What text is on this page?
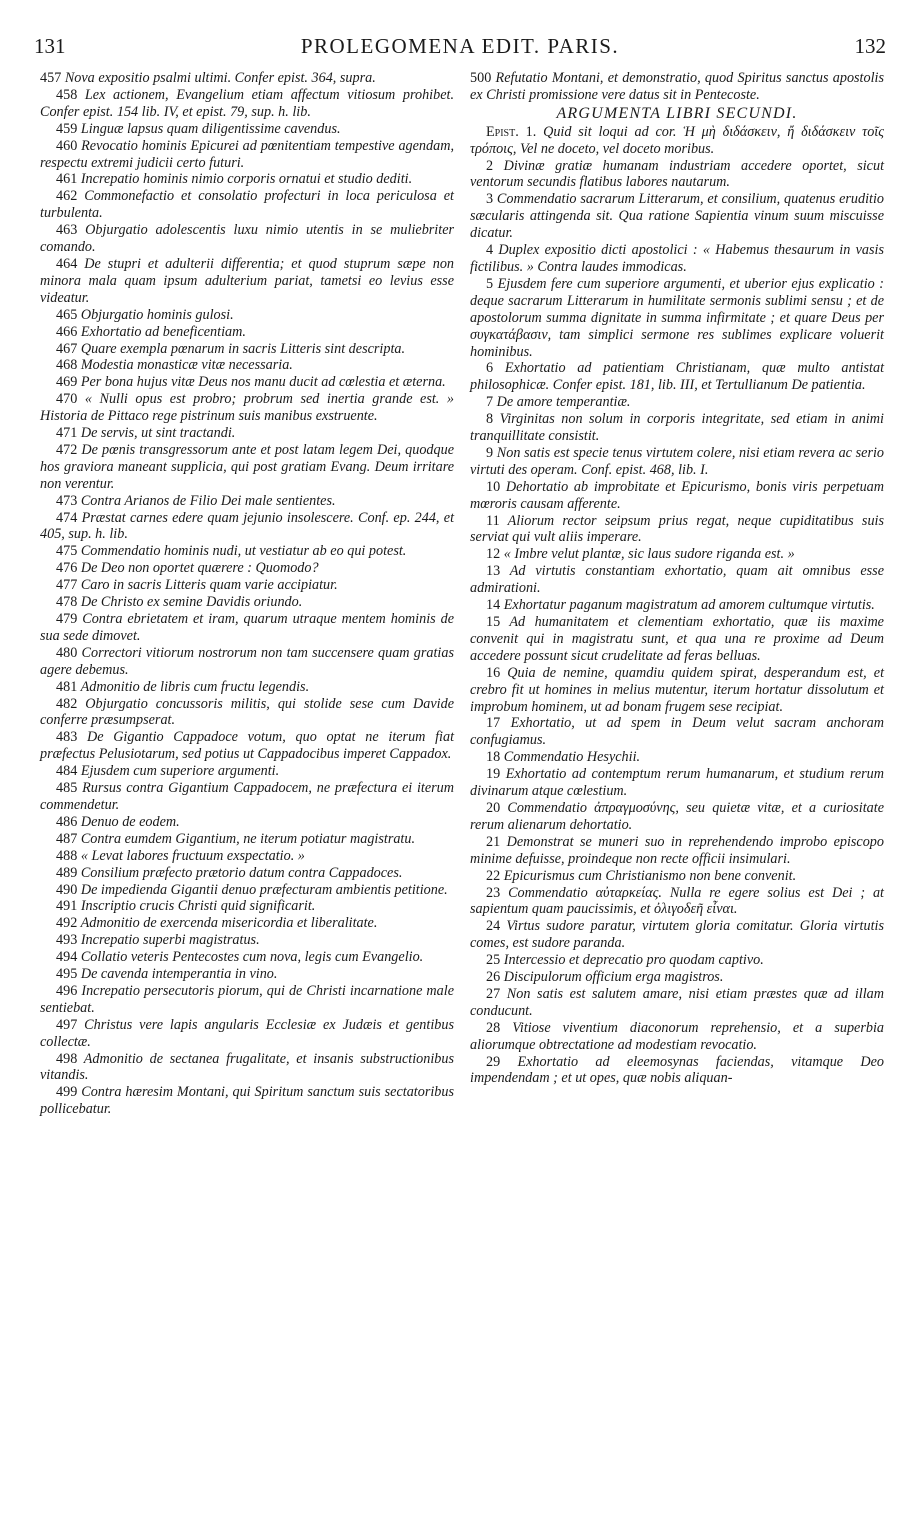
131	PROLEGOMENA EDIT. PARIS.	132

457 Nova expositio psalmi ultimi. Confer epist. 364, supra.

458 Lex actionem, Evangelium etiam affectum vitiosum prohibet. Confer epist. 154 lib. IV, et epist. 79, sup. h. lib.

459 Linguæ lapsus quam diligentissime cavendus.

460 Revocatio hominis Epicurei ad pœnitentiam tempestive agendam, respectu extremi judicii certo futuri.

461 Increpatio hominis nimio corporis ornatui et studio dediti.

462 Commonefactio et consolatio profecturi in loca periculosa et turbulenta.

463 Objurgatio adolescentis luxu nimio utentis in se muliebriter comando.

464 De stupri et adulterii differentia; et quod stuprum sæpe non minora mala quam ipsum adulterium pariat, tametsi eo levius esse videatur.

465 Objurgatio hominis gulosi.

466 Exhortatio ad beneficentiam.

467 Quare exempla pœnarum in sacris Litteris sint descripta.

468 Modestia monasticæ vitæ necessaria.

469 Per bona hujus vitæ Deus nos manu ducit ad cœlestia et æterna.

470 « Nulli opus est probro; probrum sed inertia grande est. » Historia de Pittaco rege pistrinum suis manibus exstruente.

471 De servis, ut sint tractandi.

472 De pœnis transgressorum ante et post latam legem Dei, quodque hos graviora maneant supplicia, qui post gratiam Evang. Deum irritare non verentur.

473 Contra Arianos de Filio Dei male sentientes.

474 Præstat carnes edere quam jejunio insolescere. Conf. ep. 244, et 405, sup. h. lib.

475 Commendatio hominis nudi, ut vestiatur ab eo qui potest.

476 De Deo non oportet quærere : Quomodo?

477 Caro in sacris Litteris quam varie accipiatur.

478 De Christo ex semine Davidis oriundo.

479 Contra ebrietatem et iram, quarum utraque mentem hominis de sua sede dimovet.

480 Correctori vitiorum nostrorum non tam succensere quam gratias agere debemus.

481 Admonitio de libris cum fructu legendis.

482 Objurgatio concussoris militis, qui stolide sese cum Davide conferre præsumpserat.

483 De Gigantio Cappadoce votum, quo optat ne iterum fiat præfectus Pelusiotarum, sed potius ut Cappadocibus imperet Cappadox.

484 Ejusdem cum superiore argumenti.

485 Rursus contra Gigantium Cappadocem, ne præfectura ei iterum commendetur.

486 Denuo de eodem.

487 Contra eumdem Gigantium, ne iterum potiatur magistratu.

488 « Levat labores fructuum exspectatio. »

489 Consilium præfecto prætorio datum contra Cappadoces.

490 De impedienda Gigantii denuo præfecturam ambientis petitione.

491 Inscriptio crucis Christi quid significarit.

492 Admonitio de exercenda misericordia et liberalitate.

493 Increpatio superbi magistratus.

494 Collatio veteris Pentecostes cum nova, legis cum Evangelio.

495 De cavenda intemperantia in vino.

496 Increpatio persecutoris piorum, qui de Christi incarnatione male sentiebat.

497 Christus vere lapis angularis Ecclesiæ ex Judæis et gentibus collectæ.

498 Admonitio de sectanea frugalitate, et insanis substructionibus vitandis.

499 Contra hæresim Montani, qui Spiritum sanctum suis sectatoribus pollicebatur.

500 Refutatio Montani, et demonstratio, quod Spiritus sanctus apostolis ex Christi promissione vere datus sit in Pentecoste.

ARGUMENTA LIBRI SECUNDI.

Epist. 1. Quid sit loqui ad cor. Ἡ μὴ διδάσκειν, ἤ διδάσκειν τοῖς τρόποις, Vel ne doceto, vel doceto moribus.

2 Divinæ gratiæ humanam industriam accedere oportet, sicut ventorum secundis flatibus labores nautarum.

3 Commendatio sacrarum Litterarum, et consilium, quatenus eruditio sæcularis attingenda sit. Qua ratione Sapientia vinum suum miscuisse dicatur.

4 Duplex expositio dicti apostolici : « Habemus thesaurum in vasis fictilibus. » Contra laudes immodicas.

5 Ejusdem fere cum superiore argumenti, et uberior ejus explicatio : deque sacrarum Litterarum in humilitate sermonis sublimi sensu ; et de apostolorum summa dignitate in summa infirmitate ; et quare Deus per συγκατάβασιν, tam simplici sermone res sublimes explicare voluerit hominibus.

6 Exhortatio ad patientiam Christianam, quæ multo antistat philosophicæ. Confer epist. 181, lib. III, et Tertullianum De patientia.

7 De amore temperantiæ.

8 Virginitas non solum in corporis integritate, sed etiam in animi tranquillitate consistit.

9 Non satis est specie tenus virtutem colere, nisi etiam revera ac serio virtuti des operam. Conf. epist. 468, lib. I.

10 Dehortatio ab improbitate et Epicurismo, bonis viris perpetuam mœroris causam afferente.

11 Aliorum rector seipsum prius regat, neque cupiditatibus suis serviat qui vult aliis imperare.

12 « Imbre velut plantæ, sic laus sudore riganda est. »

13 Ad virtutis constantiam exhortatio, quam ait omnibus esse admirationi.

14 Exhortatur paganum magistratum ad amorem cultumque virtutis.

15 Ad humanitatem et clementiam exhortatio, quæ iis maxime convenit qui in magistratu sunt, et qua una re proxime ad Deum accedere possunt sicut crudelitate ad feras belluas.

16 Quia de nemine, quamdiu quidem spirat, desperandum est, et crebro fit ut homines in melius mutentur, iterum hortatur dissolutum et improbum hominem, ut ad bonam frugem sese recipiat.

17 Exhortatio, ut ad spem in Deum velut sacram anchoram confugiamus.

18 Commendatio Hesychii.

19 Exhortatio ad contemptum rerum humanarum, et studium rerum divinarum atque cœlestium.

20 Commendatio ἀπραγμοσύνης, seu quietæ vitæ, et a curiositate rerum alienarum dehortatio.

21 Demonstrat se muneri suo in reprehendendo improbo episcopo minime defuisse, proindeque non recte officii insimulari.

22 Epicurismus cum Christianismo non bene convenit.

23 Commendatio αὐταρκείας. Nulla re egere solius est Dei ; at sapientum quam paucissimis, et ὀλιγοδεῆ εἶναι.

24 Virtus sudore paratur, virtutem gloria comitatur. Gloria virtutis comes, est sudore paranda.

25 Intercessio et deprecatio pro quodam captivo.

26 Discipulorum officium erga magistros.

27 Non satis est salutem amare, nisi etiam præstes quæ ad illam conducunt.

28 Vitiose viventium diaconorum reprehensio, et a superbia aliorumque obtrectatione ad modestiam revocatio.

29 Exhortatio ad eleemosynas faciendas, vitamque Deo impendendam ; et ut opes, quæ nobis aliquan-
